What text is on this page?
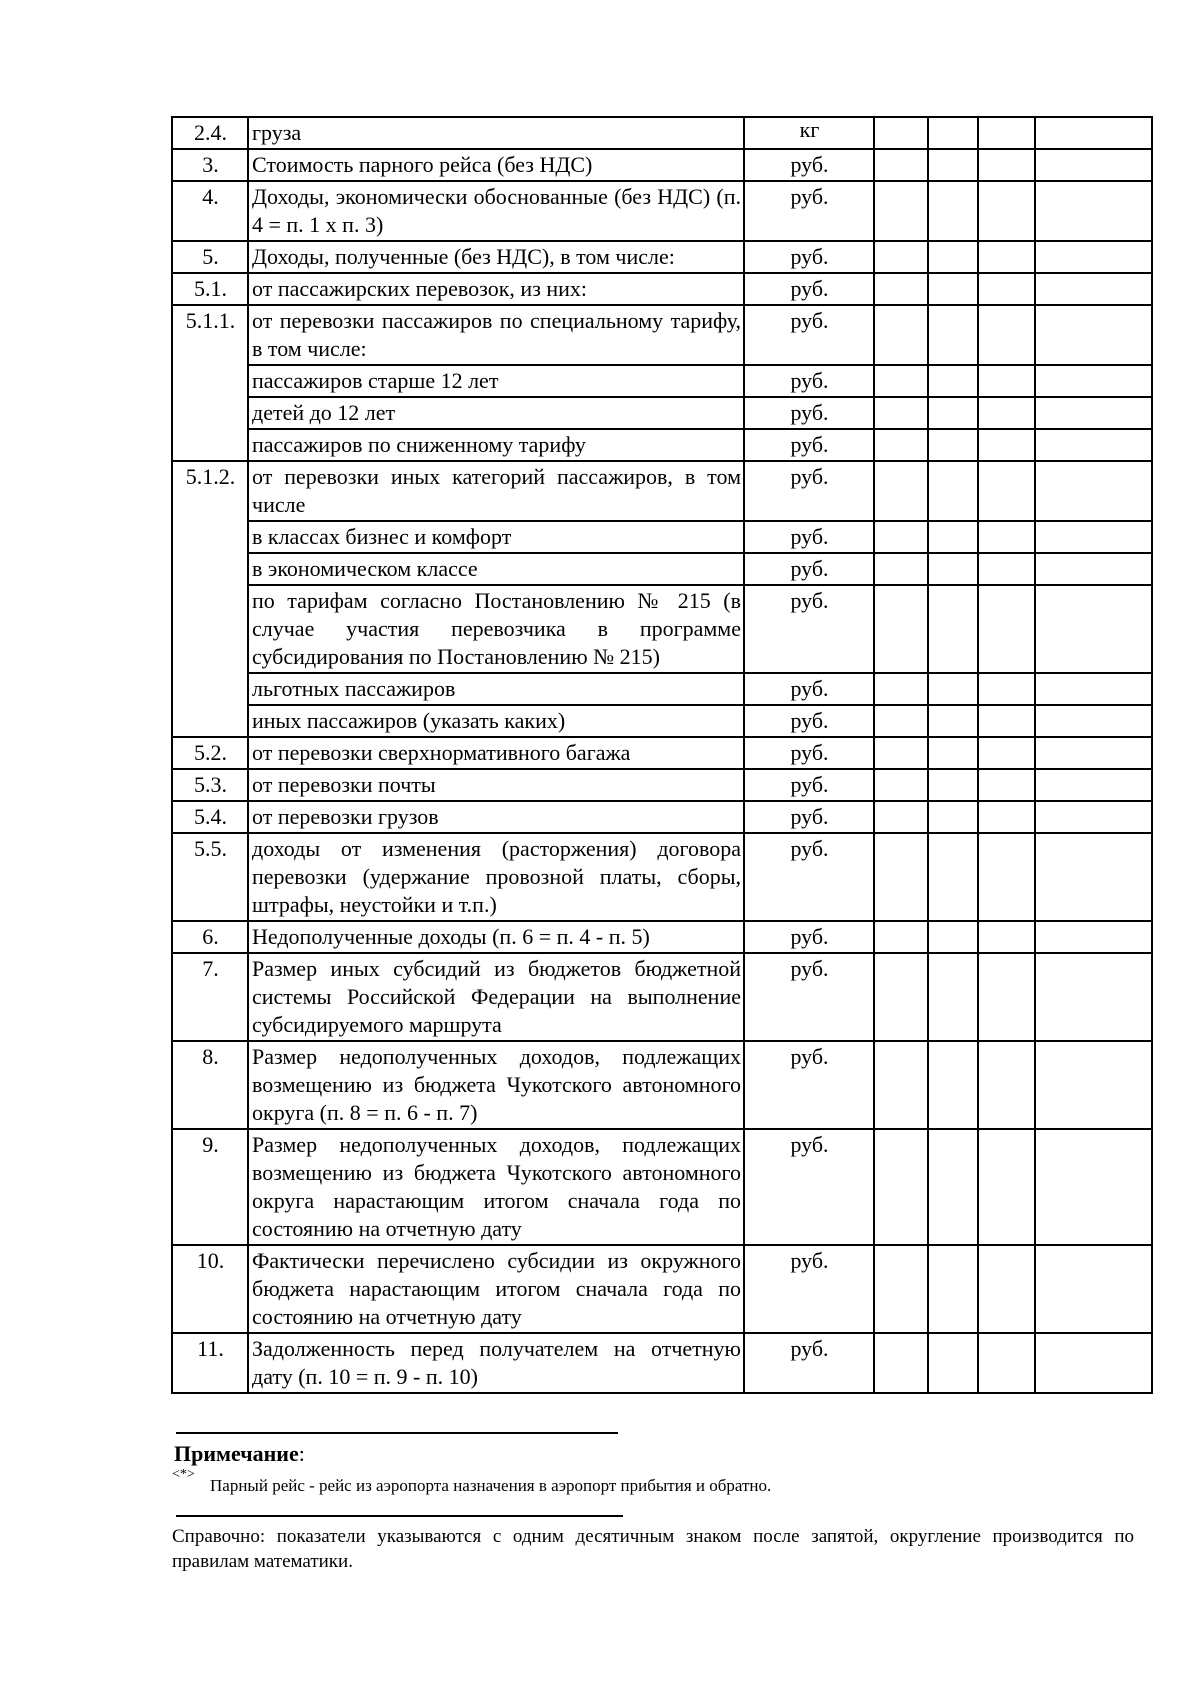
2.4.	груза	кг				
3.	Стоимость парного рейса (без НДС)	руб.				
4.	Доходы, экономически обоснованные (без НДС) (п. 4 = п. 1 х п. 3)	руб.				
5.	Доходы, полученные (без НДС), в том числе:	руб.				
5.1.	от пассажирских перевозок, из них:	руб.				
5.1.1.	от перевозки пассажиров по специальному тарифу, в том числе:	руб.				
	пассажиров старше 12 лет	руб.				
	детей до 12 лет	руб.				
	пассажиров по сниженному тарифу	руб.				
5.1.2.	от перевозки иных категорий пассажиров, в том числе	руб.				
	в классах бизнес и комфорт	руб.				
	в экономическом классе	руб.				
	по тарифам согласно Постановлению № 215 (в случае участия перевозчика в программе субсидирования по Постановлению № 215)	руб.				
	льготных пассажиров	руб.				
	иных пассажиров (указать каких)	руб.				
5.2.	от перевозки сверхнормативного багажа	руб.				
5.3.	от перевозки почты	руб.				
5.4.	от перевозки грузов	руб.				
5.5.	доходы от изменения (расторжения) договора перевозки (удержание провозной платы, сборы, штрафы, неустойки и т.п.)	руб.				
6.	Недополученные доходы (п. 6 = п. 4 - п. 5)	руб.				
7.	Размер иных субсидий из бюджетов бюджетной системы Российской Федерации на выполнение субсидируемого маршрута	руб.				
8.	Размер недополученных доходов, подлежащих возмещению из бюджета Чукотского автономного округа (п. 8 = п. 6 - п. 7)	руб.				
9.	Размер недополученных доходов, подлежащих возмещению из бюджета Чукотского автономного округа нарастающим итогом сначала года по состоянию на отчетную дату	руб.				
10.	Фактически перечислено субсидии из окружного бюджета нарастающим итогом сначала года по состоянию на отчетную дату	руб.				
11.	Задолженность перед получателем на отчетную дату (п. 10 = п. 9 - п. 10)	руб.				
Примечание:
<*>
Парный рейс - рейс из аэропорта назначения в аэропорт прибытия и обратно.
Справочно: показатели указываются с одним десятичным знаком после запятой, округление производится по правилам математики.
